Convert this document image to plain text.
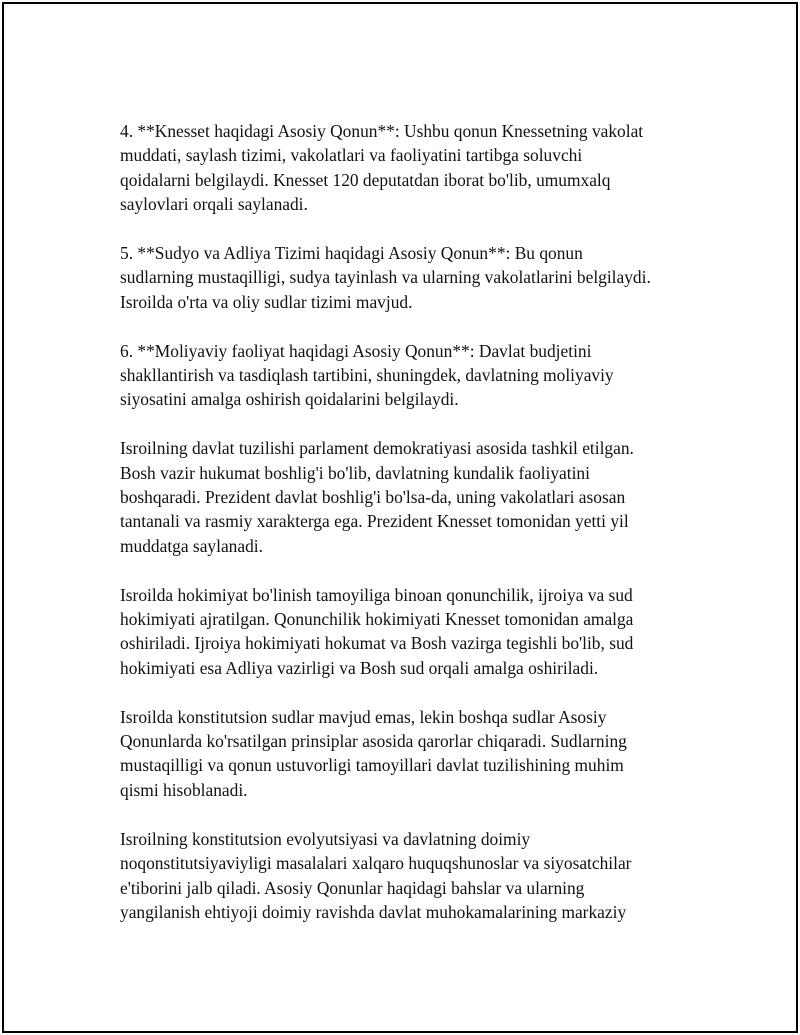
4. **Knesset haqidagi Asosiy Qonun**: Ushbu qonun Knessetning vakolat
muddati, saylash tizimi, vakolatlari va faoliyatini tartibga soluvchi
qoidalarni belgilaydi. Knesset 120 deputatdan iborat bo'lib, umumxalq
saylovlari orqali saylanadi.

5. **Sudyo va Adliya Tizimi haqidagi Asosiy Qonun**: Bu qonun
sudlarning mustaqilligi, sudya tayinlash va ularning vakolatlarini belgilaydi.
Isroilda o'rta va oliy sudlar tizimi mavjud.

6. **Moliyaviy faoliyat haqidagi Asosiy Qonun**: Davlat budjetini
shakllantirish va tasdiqlash tartibini, shuningdek, davlatning moliyaviy
siyosatini amalga oshirish qoidalarini belgilaydi.

Isroilning davlat tuzilishi parlament demokratiyasi asosida tashkil etilgan.
Bosh vazir hukumat boshlig'i bo'lib, davlatning kundalik faoliyatini
boshqaradi. Prezident davlat boshlig'i bo'lsa-da, uning vakolatlari asosan
tantanali va rasmiy xarakterga ega. Prezident Knesset tomonidan yetti yil
muddatga saylanadi.

Isroilda hokimiyat bo'linish tamoyiliga binoan qonunchilik, ijroiya va sud
hokimiyati ajratilgan. Qonunchilik hokimiyati Knesset tomonidan amalga
oshiriladi. Ijroiya hokimiyati hokumat va Bosh vazirga tegishli bo'lib, sud
hokimiyati esa Adliya vazirligi va Bosh sud orqali amalga oshiriladi.

Isroilda konstitutsion sudlar mavjud emas, lekin boshqa sudlar Asosiy
Qonunlarda ko'rsatilgan prinsiplar asosida qarorlar chiqaradi. Sudlarning
mustaqilligi va qonun ustuvorligi tamoyillari davlat tuzilishining muhim
qismi hisoblanadi.

Isroilning konstitutsion evolyutsiyasi va davlatning doimiy
noqonstitutsiyaviyligi masalalari xalqaro huquqshunoslar va siyosatchilar
e'tiborini jalb qiladi. Asosiy Qonunlar haqidagi bahslar va ularning
yangilanish ehtiyoji doimiy ravishda davlat muhokamalarining markaziy
